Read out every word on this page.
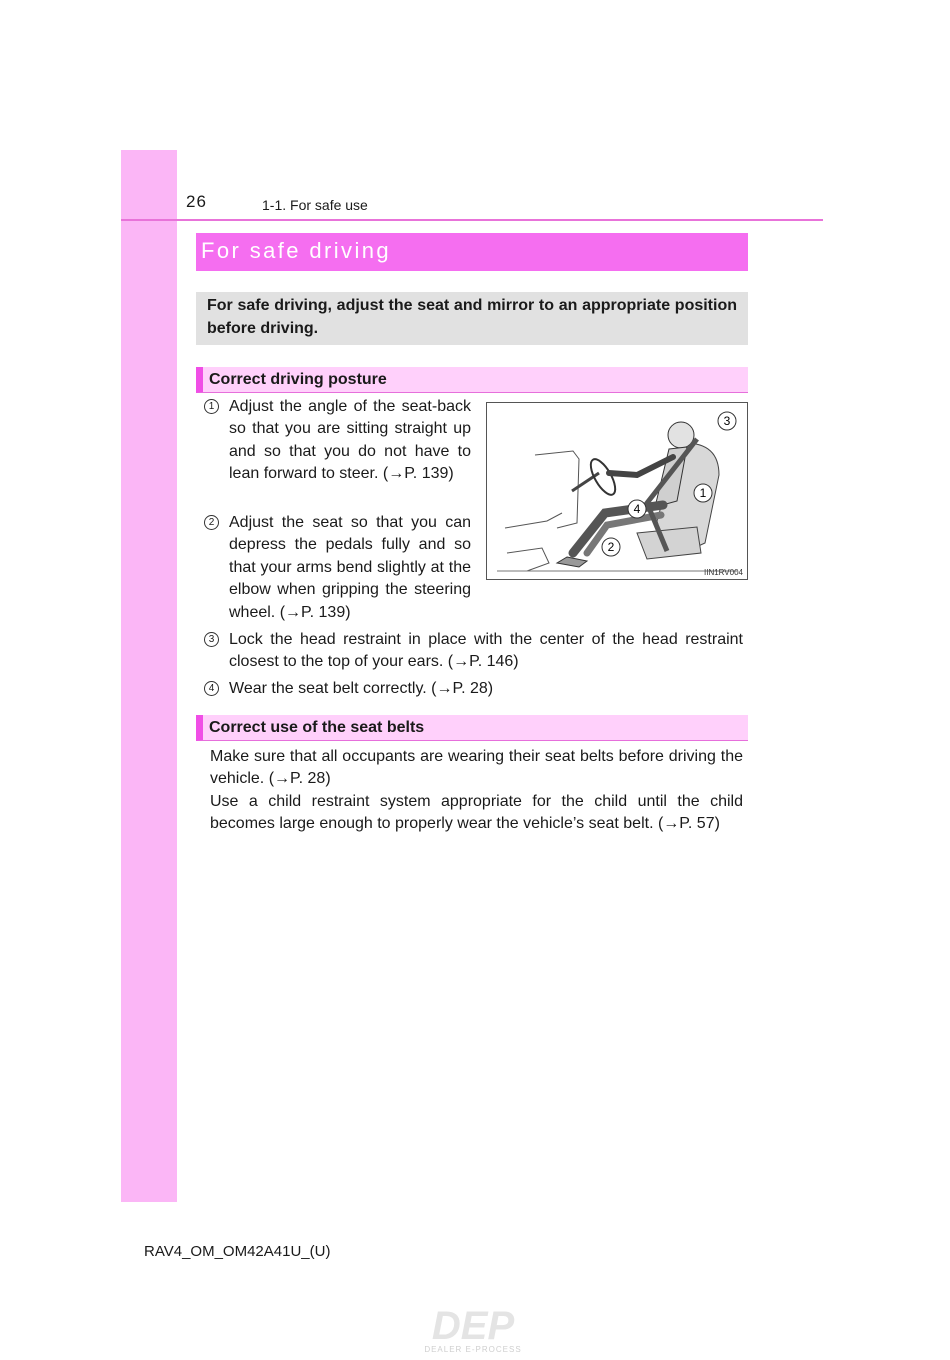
26	1-1. For safe use
For safe driving
For safe driving, adjust the seat and mirror to an appropriate position before driving.
Correct driving posture
1 Adjust the angle of the seat-back so that you are sitting straight up and so that you do not have to lean forward to steer. (→P. 139)
2 Adjust the seat so that you can depress the pedals fully and so that your arms bend slightly at the elbow when gripping the steering wheel. (→P. 139)
3 Lock the head restraint in place with the center of the head restraint closest to the top of your ears. (→P. 146)
4 Wear the seat belt correctly. (→P. 28)
3
1
4
2
IIN1RV004
Correct use of the seat belts
Make sure that all occupants are wearing their seat belts before driving the vehicle. (→P. 28)
Use a child restraint system appropriate for the child until the child becomes large enough to properly wear the vehicle’s seat belt. (→P. 57)
RAV4_OM_OM42A41U_(U)
DEP
DEALER E-PROCESS
